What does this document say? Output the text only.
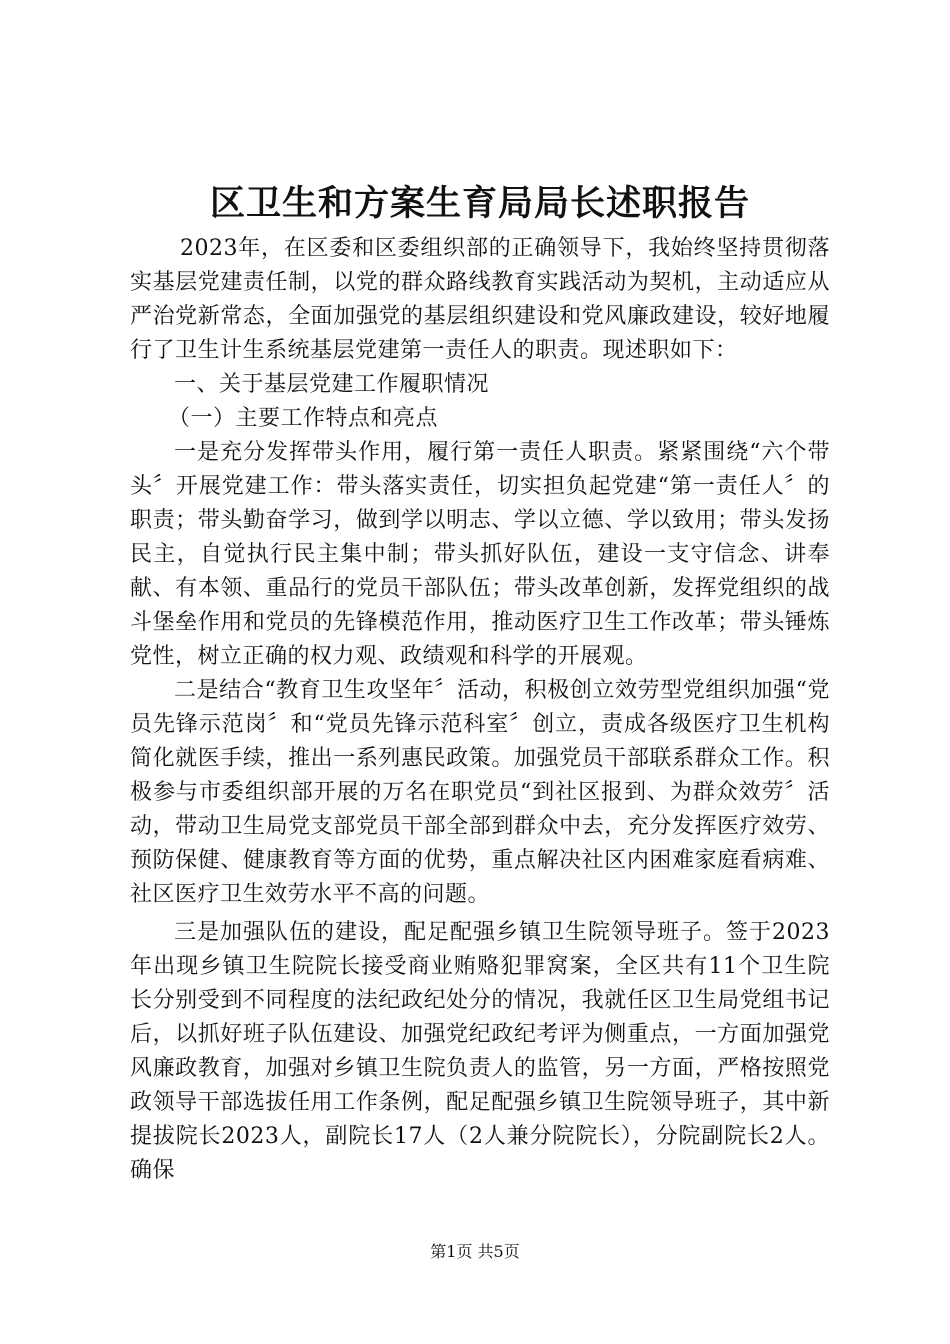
区卫生和方案生育局局长述职报告

2023年，在区委和区委组织部的正确领导下，我始终坚持贯彻落实基层党建责任制，以党的群众路线教育实践活动为契机，主动适应从严治党新常态，全面加强党的基层组织建设和党风廉政建设，较好地履行了卫生计生系统基层党建第一责任人的职责。现述职如下：

一、关于基层党建工作履职情况

（一）主要工作特点和亮点

一是充分发挥带头作用，履行第一责任人职责。紧紧围绕“六个带头〞开展党建工作：带头落实责任，切实担负起党建“第一责任人〞的职责；带头勤奋学习，做到学以明志、学以立德、学以致用；带头发扬民主，自觉执行民主集中制；带头抓好队伍，建设一支守信念、讲奉献、有本领、重品行的党员干部队伍；带头改革创新，发挥党组织的战斗堡垒作用和党员的先锋模范作用，推动医疗卫生工作改革；带头锤炼党性，树立正确的权力观、政绩观和科学的开展观。

二是结合“教育卫生攻坚年〞活动，积极创立效劳型党组织加强“党员先锋示范岗〞和“党员先锋示范科室〞创立，责成各级医疗卫生机构简化就医手续，推出一系列惠民政策。加强党员干部联系群众工作。积极参与市委组织部开展的万名在职党员“到社区报到、为群众效劳〞活动，带动卫生局党支部党员干部全部到群众中去，充分发挥医疗效劳、预防保健、健康教育等方面的优势，重点解决社区内困难家庭看病难、社区医疗卫生效劳水平不高的问题。

三是加强队伍的建设，配足配强乡镇卫生院领导班子。签于2023年出现乡镇卫生院院长接受商业贿赂犯罪窝案，全区共有11个卫生院长分别受到不同程度的法纪政纪处分的情况，我就任区卫生局党组书记后，以抓好班子队伍建设、加强党纪政纪考评为侧重点，一方面加强党风廉政教育，加强对乡镇卫生院负责人的监管，另一方面，严格按照党政领导干部选拔任用工作条例，配足配强乡镇卫生院领导班子，其中新提拔院长2023人，副院长17人（2人兼分院院长），分院副院长2人。确保

第1页 共5页
